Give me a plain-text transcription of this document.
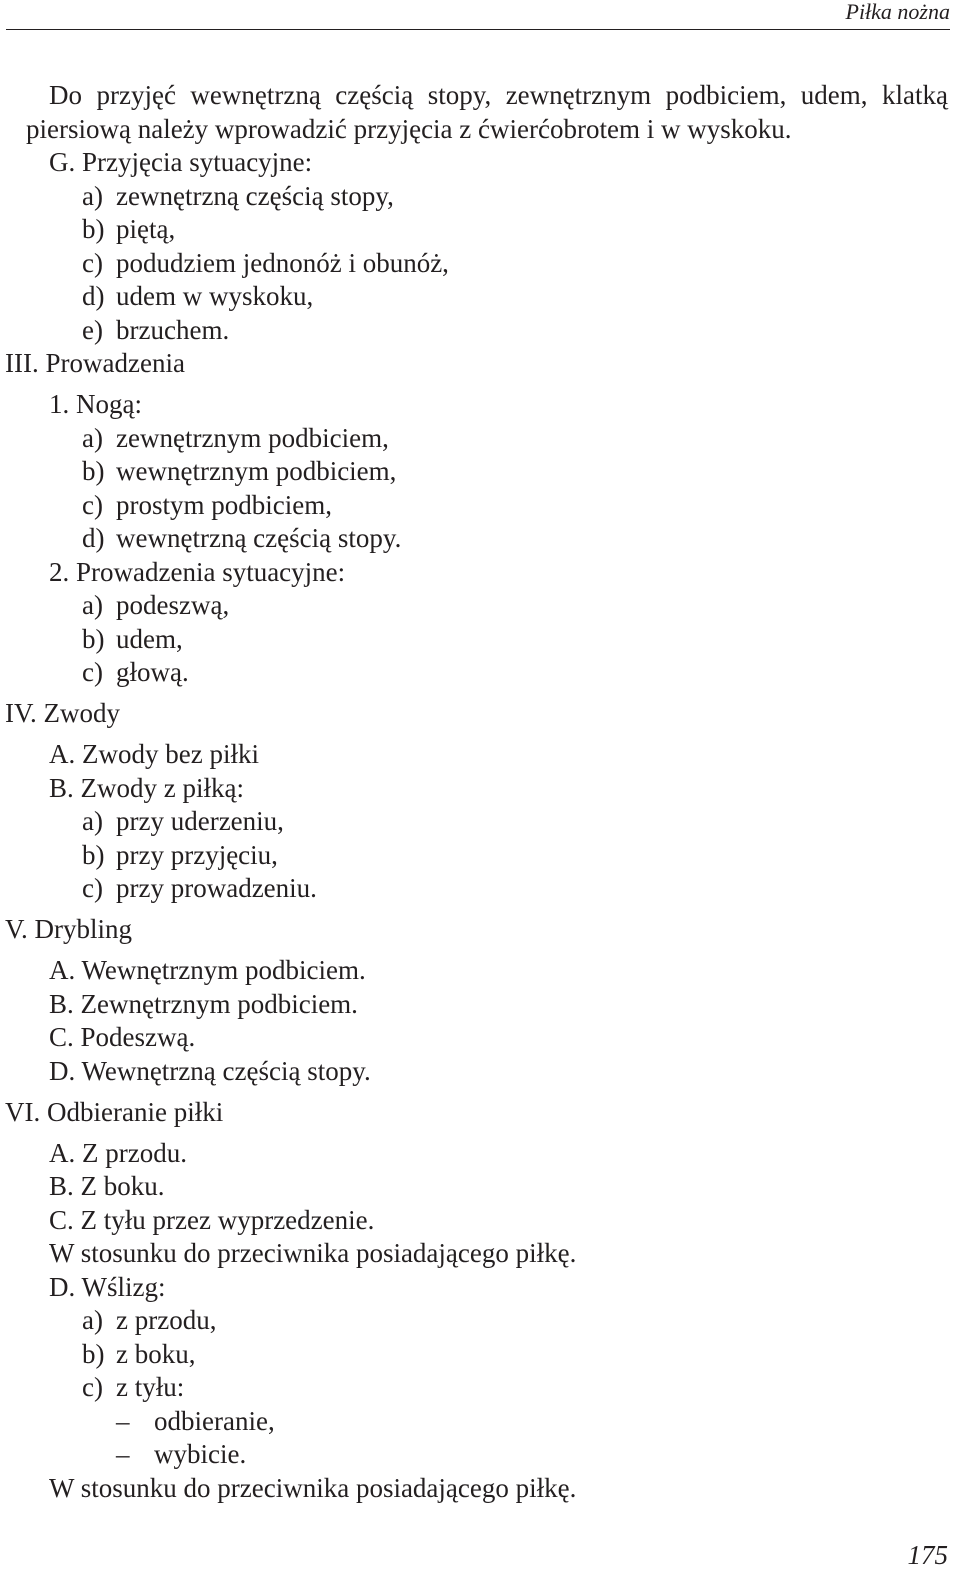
Piłka nożna
Do przyjęć wewnętrzną częścią stopy, zewnętrznym podbiciem, udem, klatką piersiową należy wprowadzić przyjęcia z ćwierćobrotem i w wyskoku.
G. Przyjęcia sytuacyjne:
a) zewnętrzną częścią stopy,
b) piętą,
c) podudziem jednonóż i obunóż,
d) udem w wyskoku,
e) brzuchem.
III. Prowadzenia
1. Nogą:
a) zewnętrznym podbiciem,
b) wewnętrznym podbiciem,
c) prostym podbiciem,
d) wewnętrzną częścią stopy.
2. Prowadzenia sytuacyjne:
a) podeszwą,
b) udem,
c) głową.
IV. Zwody
A. Zwody bez piłki
B. Zwody z piłką:
a) przy uderzeniu,
b) przy przyjęciu,
c) przy prowadzeniu.
V. Drybling
A. Wewnętrznym podbiciem.
B. Zewnętrznym podbiciem.
C. Podeszwą.
D. Wewnętrzną częścią stopy.
VI. Odbieranie piłki
A. Z przodu.
B. Z boku.
C. Z tyłu przez wyprzedzenie.
W stosunku do przeciwnika posiadającego piłkę.
D. Wślizg:
a) z przodu,
b) z boku,
c) z tyłu:
– odbieranie,
– wybicie.
W stosunku do przeciwnika posiadającego piłkę.
175
